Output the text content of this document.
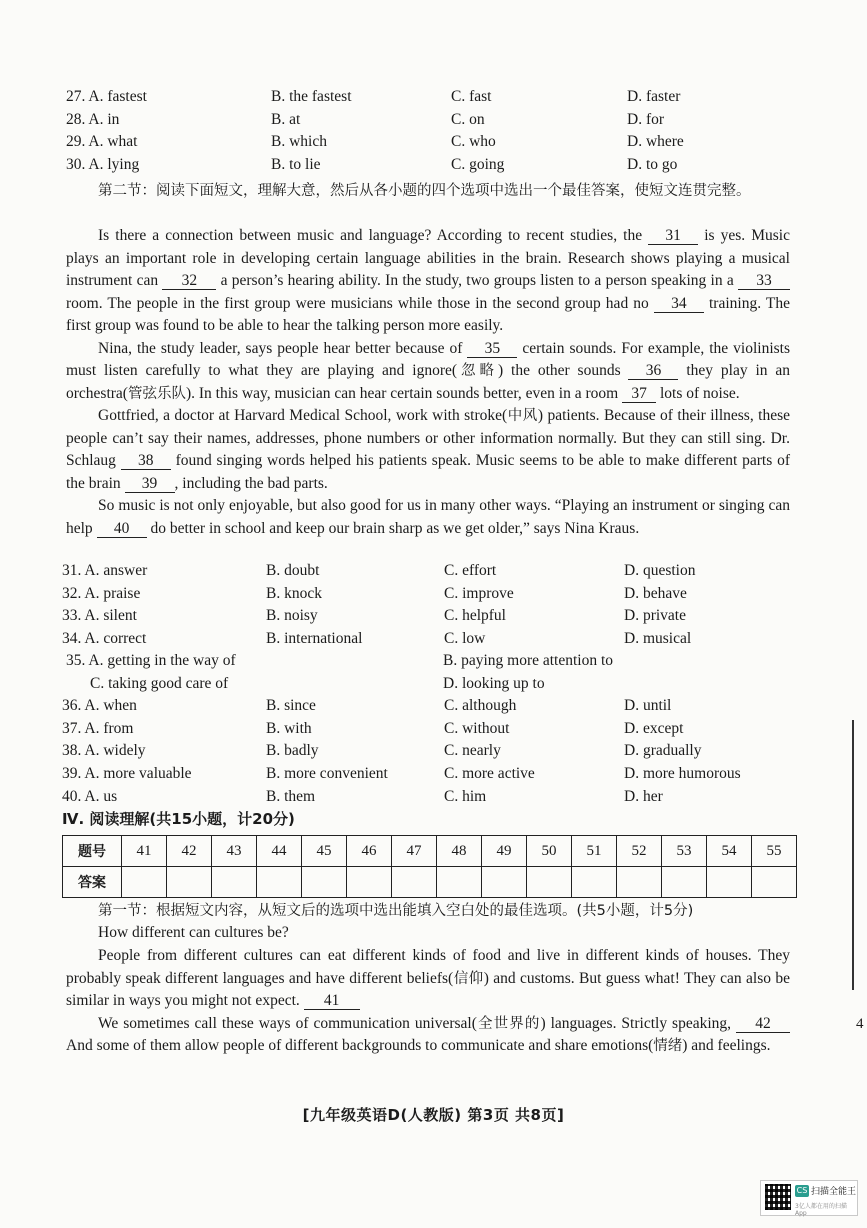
27. A. fastest	B. the fastest	C. fast	D. faster
28. A. in	B. at	C. on	D. for
29. A. what	B. which	C. who	D. where
30. A. lying	B. to lie	C. going	D. to go
第二节：阅读下面短文，理解大意，然后从各小题的四个选项中选出一个最佳答案，使短文连贯完整。

Is there a connection between music and language? According to recent studies, the 31 is yes. Music plays an important role in developing certain language abilities in the brain. Research shows playing a musical instrument can 32 a person’s hearing ability. In the study, two groups listen to a person speaking in a 33 room. The people in the first group were musicians while those in the second group had no 34 training. The first group was found to be able to hear the talking person more easily.

Nina, the study leader, says people hear better because of 35 certain sounds. For example, the violinists must listen carefully to what they are playing and ignore(忽略) the other sounds 36 they play in an orchestra(管弦乐队). In this way, musician can hear certain sounds better, even in a room 37 lots of noise.

Gottfried, a doctor at Harvard Medical School, work with stroke(中风) patients. Because of their illness, these people can’t say their names, addresses, phone numbers or other information normally. But they can still sing. Dr. Schlaug 38 found singing words helped his patients speak. Music seems to be able to make different parts of the brain 39 , including the bad parts.

So music is not only enjoyable, but also good for us in many other ways. “Playing an instrument or singing can help 40 do better in school and keep our brain sharp as we get older,” says Nina Kraus.

31. A. answer	B. doubt	C. effort	D. question
32. A. praise	B. knock	C. improve	D. behave
33. A. silent	B. noisy	C. helpful	D. private
34. A. correct	B. international	C. low	D. musical
35. A. getting in the way of	B. paying more attention to
C. taking good care of	D. looking up to
36. A. when	B. since	C. although	D. until
37. A. from	B. with	C. without	D. except
38. A. widely	B. badly	C. nearly	D. gradually
39. A. more valuable	B. more convenient	C. more active	D. more humorous
40. A. us	B. them	C. him	D. her
Ⅳ. 阅读理解(共15小题，计20分)
题号	41	42	43	44	45	46	47	48	49	50	51	52	53	54	55
答案															
第一节：根据短文内容，从短文后的选项中选出能填入空白处的最佳选项。(共5小题，计5分)
How different can cultures be?

People from different cultures can eat different kinds of food and live in different kinds of houses. They probably speak different languages and have different beliefs(信仰) and customs. But guess what! They can also be similar in ways you might not expect. 41

We sometimes call these ways of communication universal(全世界的) languages. Strictly speaking, 42 And some of them allow people of different backgrounds to communicate and share emotions(情绪) and feelings.

[九年级英语D(人教版) 第3页 共8页]
4
CS 扫描全能王
3亿人都在用的扫描App
